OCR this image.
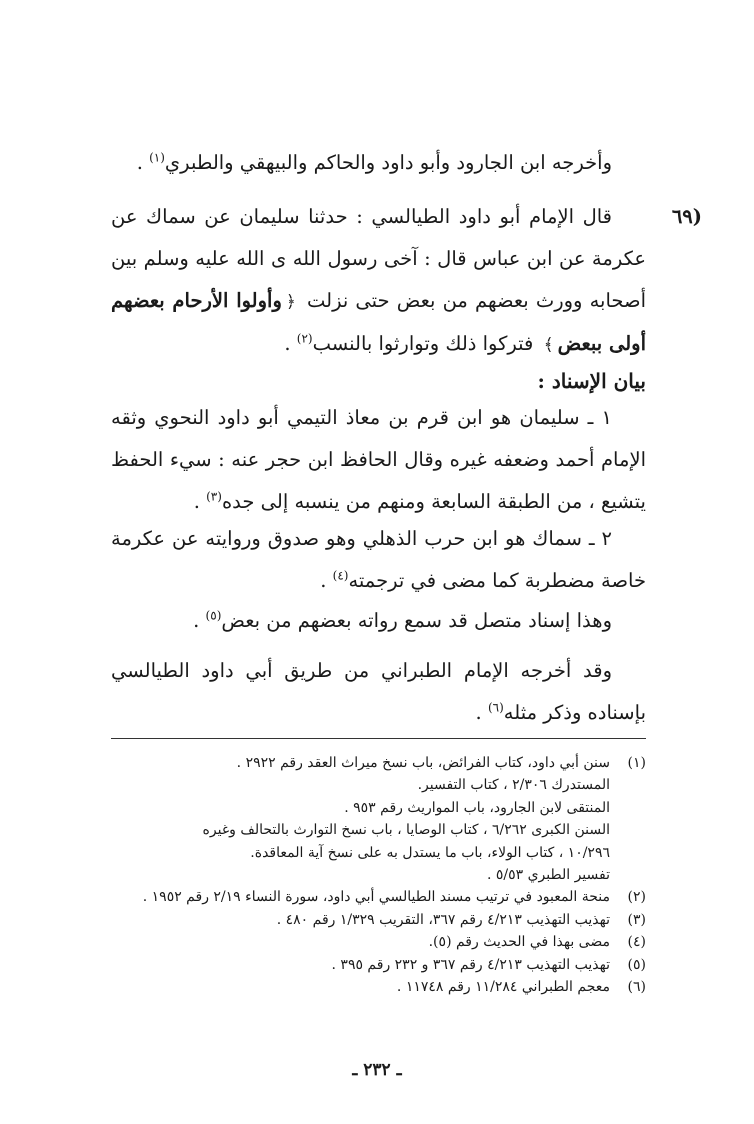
وأخرجه ابن الجارود وأبو داود والحاكم والبيهقي والطبري$^{(١)}$ .

(٦٩

قال الإمام أبو داود الطيالسي : حدثنا سليمان عن سماك عن عكرمة عن ابن عباس قال : آخى رسول الله ى الله عليه وسلم بين أصحابه وورث بعضهم من بعض حتى نزلت ﴿وأولوا الأرحام بعضهم أولى ببعض﴾ فتركوا ذلك وتوارثوا بالنسب$^{(٢)}$ .

بيان الإسناد :

١ ـ سليمان هو ابن قرم بن معاذ التيمي أبو داود النحوي وثقه الإمام أحمد وضعفه غيره وقال الحافظ ابن حجر عنه : سيء الحفظ يتشيع ، من الطبقة السابعة ومنهم من ينسبه إلى جده$^{(٣)}$ .

٢ ـ سماك هو ابن حرب الذهلي وهو صدوق وروايته عن عكرمة خاصة مضطربة كما مضى في ترجمته$^{(٤)}$ .

وهذا إسناد متصل قد سمع رواته بعضهم من بعض$^{(٥)}$ .

وقد أخرجه الإمام الطبراني من طريق أبي داود الطيالسي بإسناده وذكر مثله$^{(٦)}$ .

(١)
سنن أبي داود، كتاب الفرائض، باب نسخ ميراث العقد رقم ٢٩٢٢ .
المستدرك ٢/٣٠٦ ، كتاب التفسير.
المنتقى لابن الجارود، باب المواريث رقم ٩٥٣ .
السنن الكبرى ٦/٢٦٢ ، كتاب الوصايا ، باب نسخ التوارث بالتحالف وغيره
١٠/٢٩٦ ، كتاب الولاء، باب ما يستدل به على نسخ آية المعاقدة.
تفسير الطبري ٥/٥٣ .
(٢)
منحة المعبود في ترتيب مسند الطيالسي أبي داود، سورة النساء ٢/١٩ رقم ١٩٥٢ .
(٣)
تهذيب التهذيب ٤/٢١٣ رقم ٣٦٧، التقريب ١/٣٢٩ رقم ٤٨٠ .
(٤)
مضى بهذا في الحديث رقم (٥).
(٥)
تهذيب التهذيب ٤/٢١٣ رقم ٣٦٧ و ٢٣٢ رقم ٣٩٥ .
(٦)
معجم الطبراني ١١/٢٨٤ رقم ١١٧٤٨ .
ـ ٢٣٢ ـ
